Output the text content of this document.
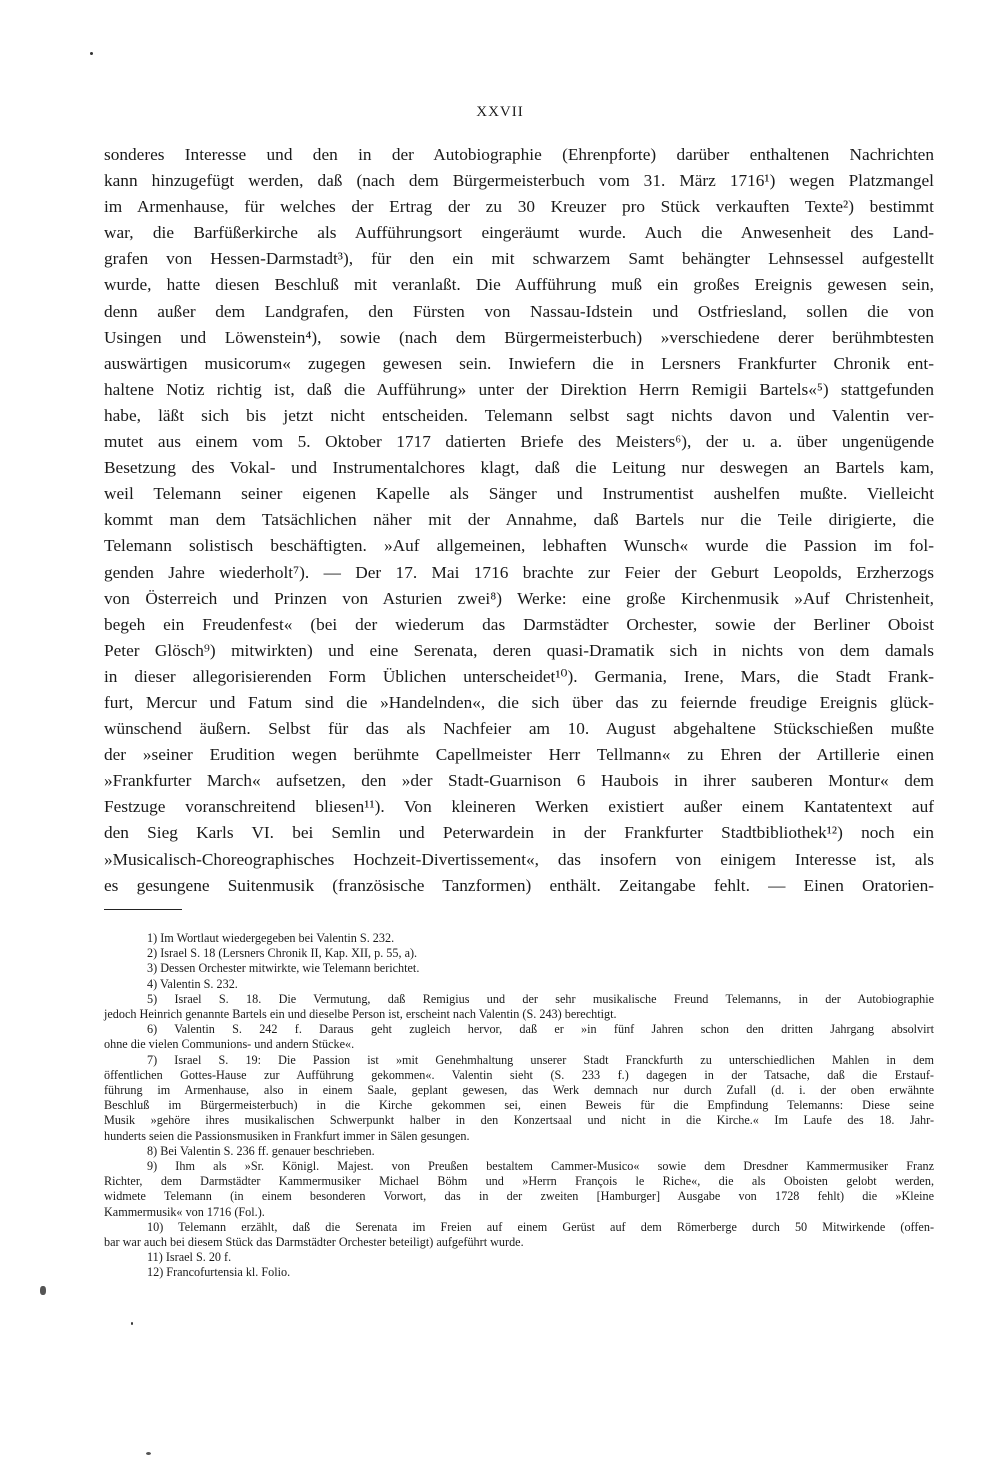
XXVII
sonderes Interesse und den in der Autobiographie (Ehrenpforte) darüber enthaltenen Nachrichten
kann hinzugefügt werden, daß (nach dem Bürgermeisterbuch vom 31. März 1716¹) wegen Platzmangel
im Armenhause, für welches der Ertrag der zu 30 Kreuzer pro Stück verkauften Texte²) bestimmt
war, die Barfüßerkirche als Aufführungsort eingeräumt wurde. Auch die Anwesenheit des Land-
grafen von Hessen-Darmstadt³), für den ein mit schwarzem Samt behängter Lehnsessel aufgestellt
wurde, hatte diesen Beschluß mit veranlaßt. Die Aufführung muß ein großes Ereignis gewesen sein,
denn außer dem Landgrafen, den Fürsten von Nassau-Idstein und Ostfriesland, sollen die von
Usingen und Löwenstein⁴), sowie (nach dem Bürgermeisterbuch) »verschiedene derer berühmbtesten
auswärtigen musicorum« zugegen gewesen sein. Inwiefern die in Lersners Frankfurter Chronik ent-
haltene Notiz richtig ist, daß die Aufführung» unter der Direktion Herrn Remigii Bartels«⁵) stattgefunden
habe, läßt sich bis jetzt nicht entscheiden. Telemann selbst sagt nichts davon und Valentin ver-
mutet aus einem vom 5. Oktober 1717 datierten Briefe des Meisters⁶), der u. a. über ungenügende
Besetzung des Vokal- und Instrumentalchores klagt, daß die Leitung nur deswegen an Bartels kam,
weil Telemann seiner eigenen Kapelle als Sänger und Instrumentist aushelfen mußte. Vielleicht
kommt man dem Tatsächlichen näher mit der Annahme, daß Bartels nur die Teile dirigierte, die
Telemann solistisch beschäftigten. »Auf allgemeinen, lebhaften Wunsch« wurde die Passion im fol-
genden Jahre wiederholt⁷). — Der 17. Mai 1716 brachte zur Feier der Geburt Leopolds, Erzherzogs
von Österreich und Prinzen von Asturien zwei⁸) Werke: eine große Kirchenmusik »Auf Christenheit,
begeh ein Freudenfest« (bei der wiederum das Darmstädter Orchester, sowie der Berliner Oboist
Peter Glösch⁹) mitwirkten) und eine Serenata, deren quasi-Dramatik sich in nichts von dem damals
in dieser allegorisierenden Form Üblichen unterscheidet¹⁰). Germania, Irene, Mars, die Stadt Frank-
furt, Mercur und Fatum sind die »Handelnden«, die sich über das zu feiernde freudige Ereignis glück-
wünschend äußern. Selbst für das als Nachfeier am 10. August abgehaltene Stückschießen mußte
der »seiner Erudition wegen berühmte Capellmeister Herr Tellmann« zu Ehren der Artillerie einen
»Frankfurter March« aufsetzen, den »der Stadt-Guarnison 6 Haubois in ihrer sauberen Montur« dem
Festzuge voranschreitend bliesen¹¹). Von kleineren Werken existiert außer einem Kantatentext auf
den Sieg Karls VI. bei Semlin und Peterwardein in der Frankfurter Stadtbibliothek¹²) noch ein
»Musicalisch-Choreographisches Hochzeit-Divertissement«, das insofern von einigem Interesse ist, als
es gesungene Suitenmusik (französische Tanzformen) enthält. Zeitangabe fehlt. — Einen Oratorien-
1) Im Wortlaut wiedergegeben bei Valentin S. 232.
2) Israel S. 18 (Lersners Chronik II, Kap. XII, p. 55, a).
3) Dessen Orchester mitwirkte, wie Telemann berichtet.
4) Valentin S. 232.
5) Israel S. 18. Die Vermutung, daß Remigius und der sehr musikalische Freund Telemanns, in der Autobiographie
jedoch Heinrich genannte Bartels ein und dieselbe Person ist, erscheint nach Valentin (S. 243) berechtigt.
6) Valentin S. 242 f. Daraus geht zugleich hervor, daß er »in fünf Jahren schon den dritten Jahrgang absolvirt
ohne die vielen Communions- und andern Stücke«.
7) Israel S. 19: Die Passion ist »mit Genehmhaltung unserer Stadt Franckfurth zu unterschiedlichen Mahlen in dem
öffentlichen Gottes-Hause zur Aufführung gekommen«. Valentin sieht (S. 233 f.) dagegen in der Tatsache, daß die Erstauf-
führung im Armenhause, also in einem Saale, geplant gewesen, das Werk demnach nur durch Zufall (d. i. der oben erwähnte
Beschluß im Bürgermeisterbuch) in die Kirche gekommen sei, einen Beweis für die Empfindung Telemanns: Diese seine
Musik »gehöre ihres musikalischen Schwerpunkt halber in den Konzertsaal und nicht in die Kirche.« Im Laufe des 18. Jahr-
hunderts seien die Passionsmusiken in Frankfurt immer in Sälen gesungen.
8) Bei Valentin S. 236 ff. genauer beschrieben.
9) Ihm als »Sr. Königl. Majest. von Preußen bestaltem Cammer-Musico« sowie dem Dresdner Kammermusiker Franz
Richter, dem Darmstädter Kammermusiker Michael Böhm und »Herrn François le Riche«, die als Oboisten gelobt werden,
widmete Telemann (in einem besonderen Vorwort, das in der zweiten [Hamburger] Ausgabe von 1728 fehlt) die »Kleine
Kammermusik« von 1716 (Fol.).
10) Telemann erzählt, daß die Serenata im Freien auf einem Gerüst auf dem Römerberge durch 50 Mitwirkende (offen-
bar war auch bei diesem Stück das Darmstädter Orchester beteiligt) aufgeführt wurde.
11) Israel S. 20 f.
12) Francofurtensia kl. Folio.
